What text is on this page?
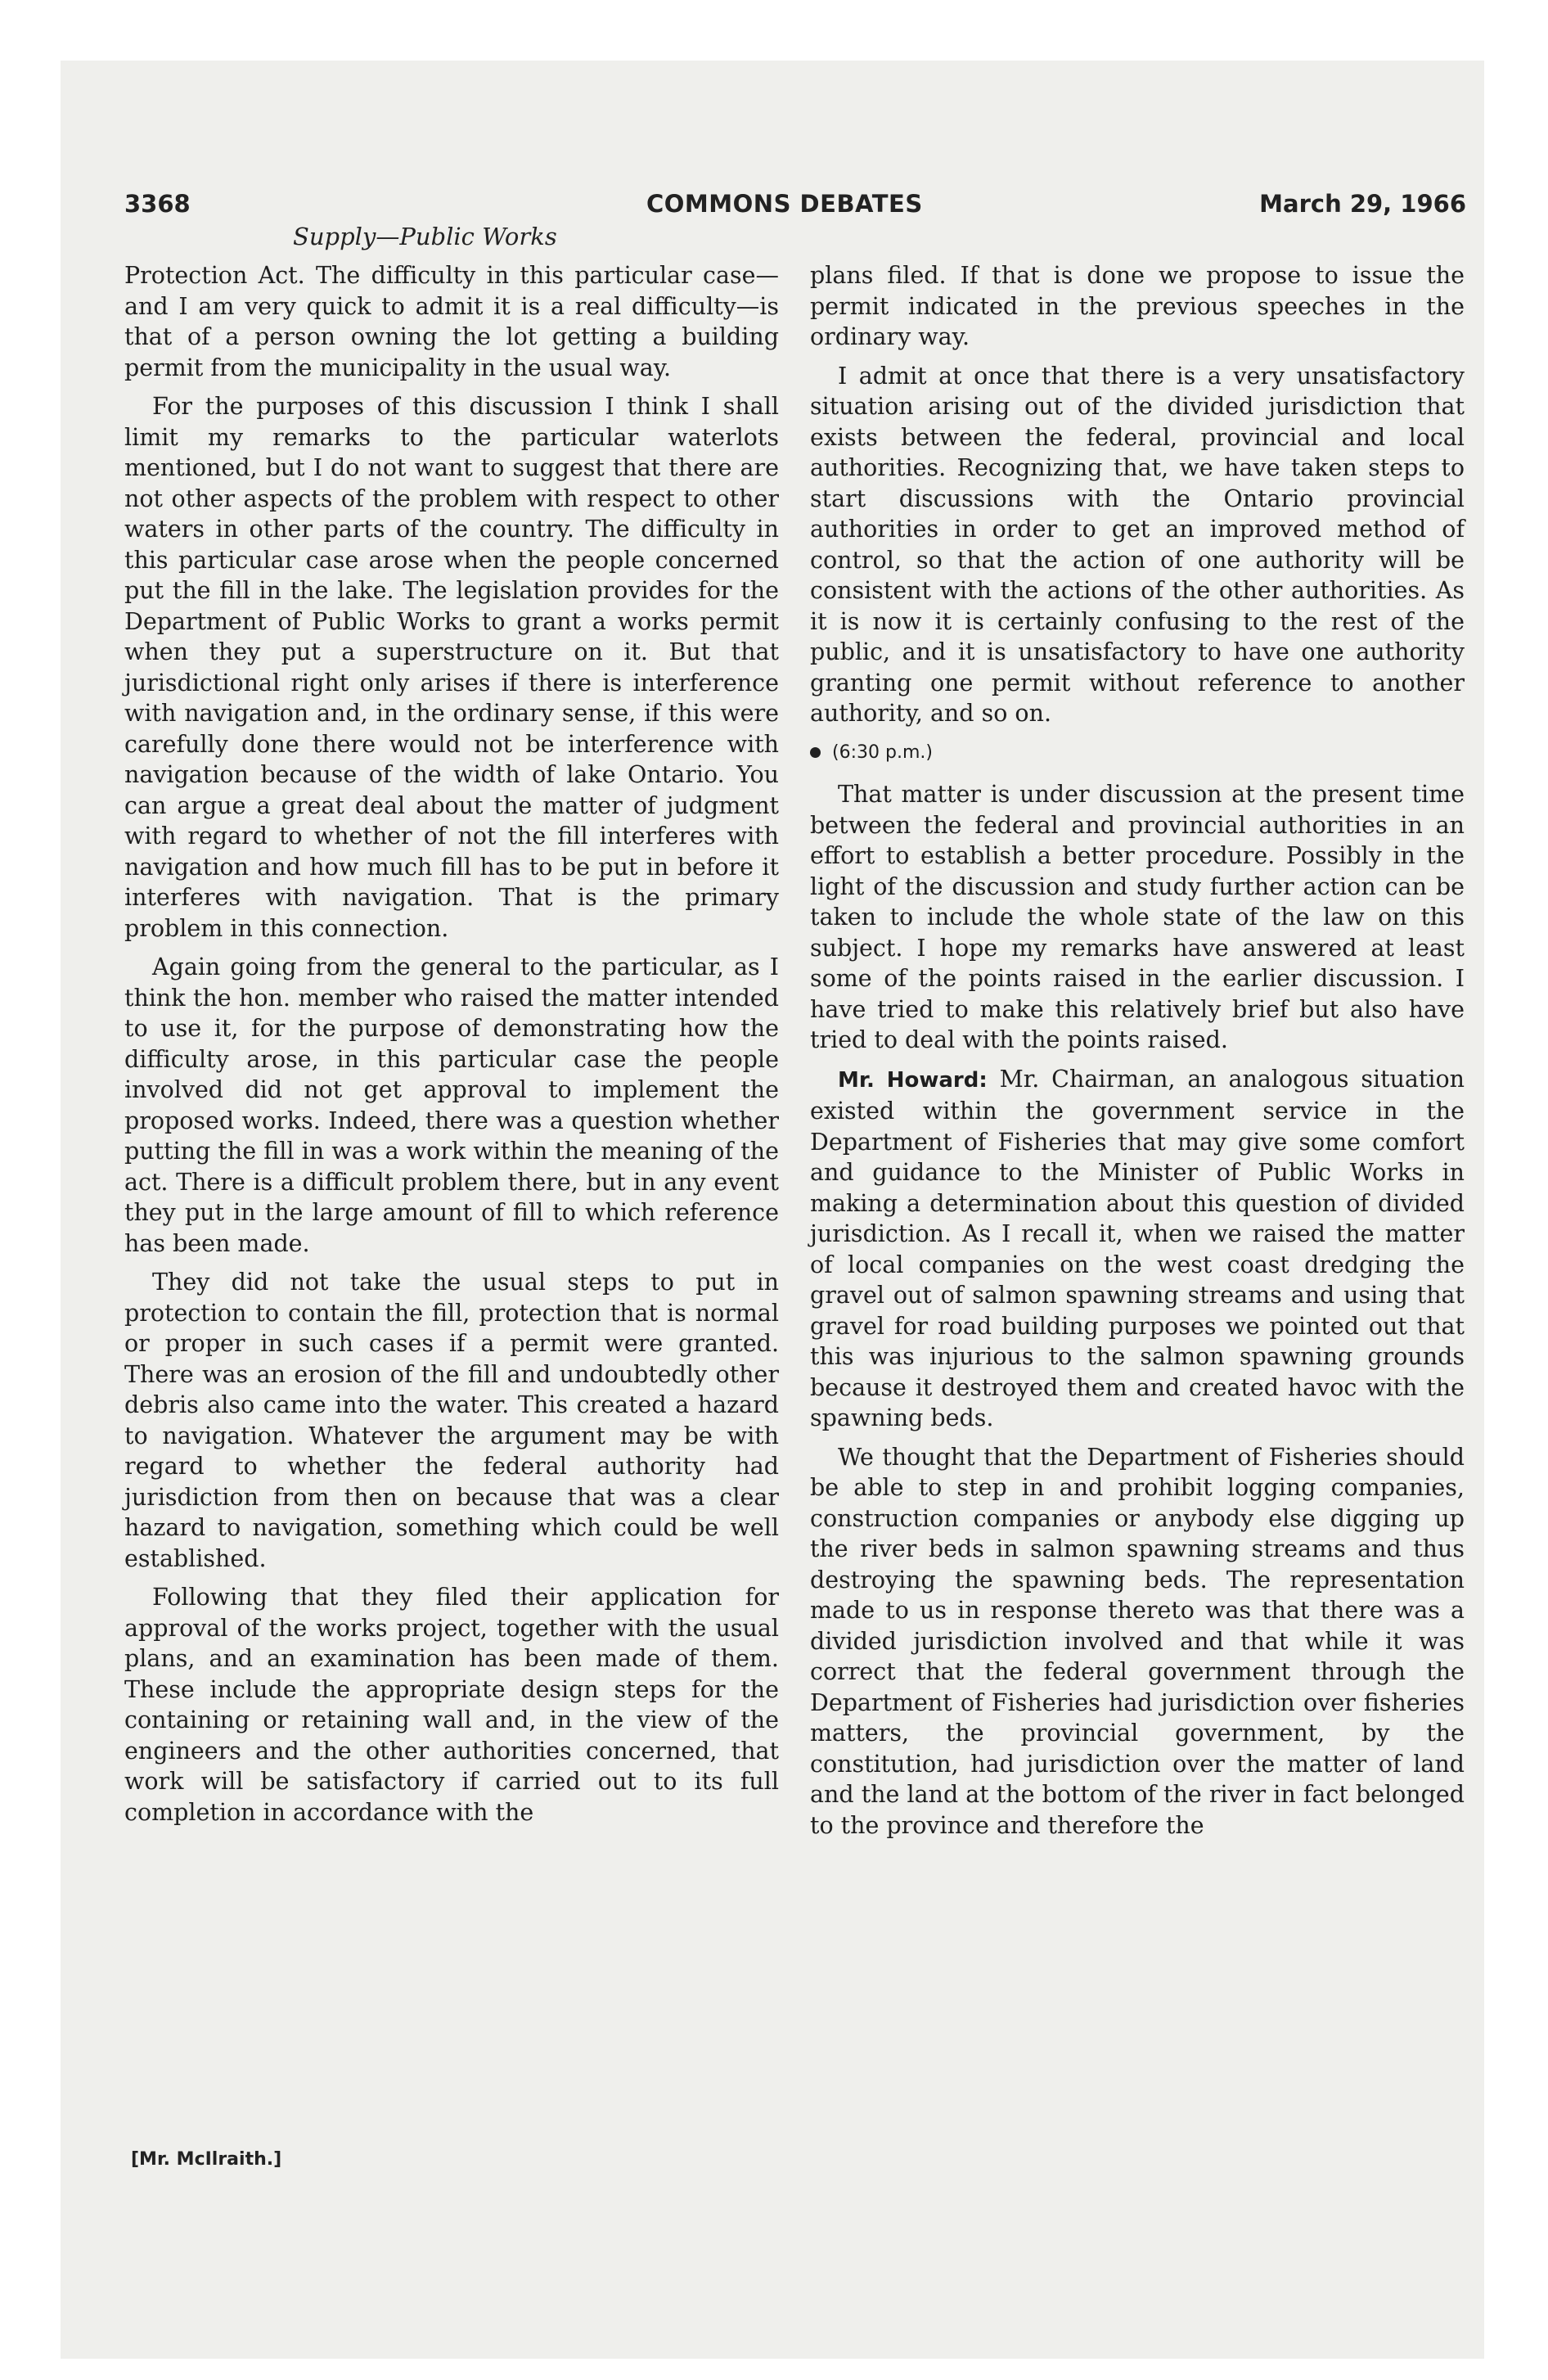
3368	COMMONS DEBATES	March 29, 1966
Supply—Public Works

Protection Act. The difficulty in this particular case—and I am very quick to admit it is a real difficulty—is that of a person owning the lot getting a building permit from the municipality in the usual way.

For the purposes of this discussion I think I shall limit my remarks to the particular waterlots mentioned, but I do not want to suggest that there are not other aspects of the problem with respect to other waters in other parts of the country. The difficulty in this particular case arose when the people concerned put the fill in the lake. The legislation provides for the Department of Public Works to grant a works permit when they put a superstructure on it. But that jurisdictional right only arises if there is interference with navigation and, in the ordinary sense, if this were carefully done there would not be interference with navigation because of the width of lake Ontario. You can argue a great deal about the matter of judgment with regard to whether of not the fill interferes with navigation and how much fill has to be put in before it interferes with navigation. That is the primary problem in this connection.

Again going from the general to the particular, as I think the hon. member who raised the matter intended to use it, for the purpose of demonstrating how the difficulty arose, in this particular case the people involved did not get approval to implement the proposed works. Indeed, there was a question whether putting the fill in was a work within the meaning of the act. There is a difficult problem there, but in any event they put in the large amount of fill to which reference has been made.

They did not take the usual steps to put in protection to contain the fill, protection that is normal or proper in such cases if a permit were granted. There was an erosion of the fill and undoubtedly other debris also came into the water. This created a hazard to navigation. Whatever the argument may be with regard to whether the federal authority had jurisdiction from then on because that was a clear hazard to navigation, something which could be well established.

Following that they filed their application for approval of the works project, together with the usual plans, and an examination has been made of them. These include the appropriate design steps for the containing or retaining wall and, in the view of the engineers and the other authorities concerned, that work will be satisfactory if carried out to its full completion in accordance with the

[Mr. McIlraith.]

plans filed. If that is done we propose to issue the permit indicated in the previous speeches in the ordinary way.

I admit at once that there is a very unsatisfactory situation arising out of the divided jurisdiction that exists between the federal, provincial and local authorities. Recognizing that, we have taken steps to start discussions with the Ontario provincial authorities in order to get an improved method of control, so that the action of one authority will be consistent with the actions of the other authorities. As it is now it is certainly confusing to the rest of the public, and it is unsatisfactory to have one authority granting one permit without reference to another authority, and so on.

(6:30 p.m.)

That matter is under discussion at the present time between the federal and provincial authorities in an effort to establish a better procedure. Possibly in the light of the discussion and study further action can be taken to include the whole state of the law on this subject. I hope my remarks have answered at least some of the points raised in the earlier discussion. I have tried to make this relatively brief but also have tried to deal with the points raised.

Mr. Howard: Mr. Chairman, an analogous situation existed within the government service in the Department of Fisheries that may give some comfort and guidance to the Minister of Public Works in making a determination about this question of divided jurisdiction. As I recall it, when we raised the matter of local companies on the west coast dredging the gravel out of salmon spawning streams and using that gravel for road building purposes we pointed out that this was injurious to the salmon spawning grounds because it destroyed them and created havoc with the spawning beds.

We thought that the Department of Fisheries should be able to step in and prohibit logging companies, construction companies or anybody else digging up the river beds in salmon spawning streams and thus destroying the spawning beds. The representation made to us in response thereto was that there was a divided jurisdiction involved and that while it was correct that the federal government through the Department of Fisheries had jurisdiction over fisheries matters, the provincial government, by the constitution, had jurisdiction over the matter of land and the land at the bottom of the river in fact belonged to the province and therefore the
